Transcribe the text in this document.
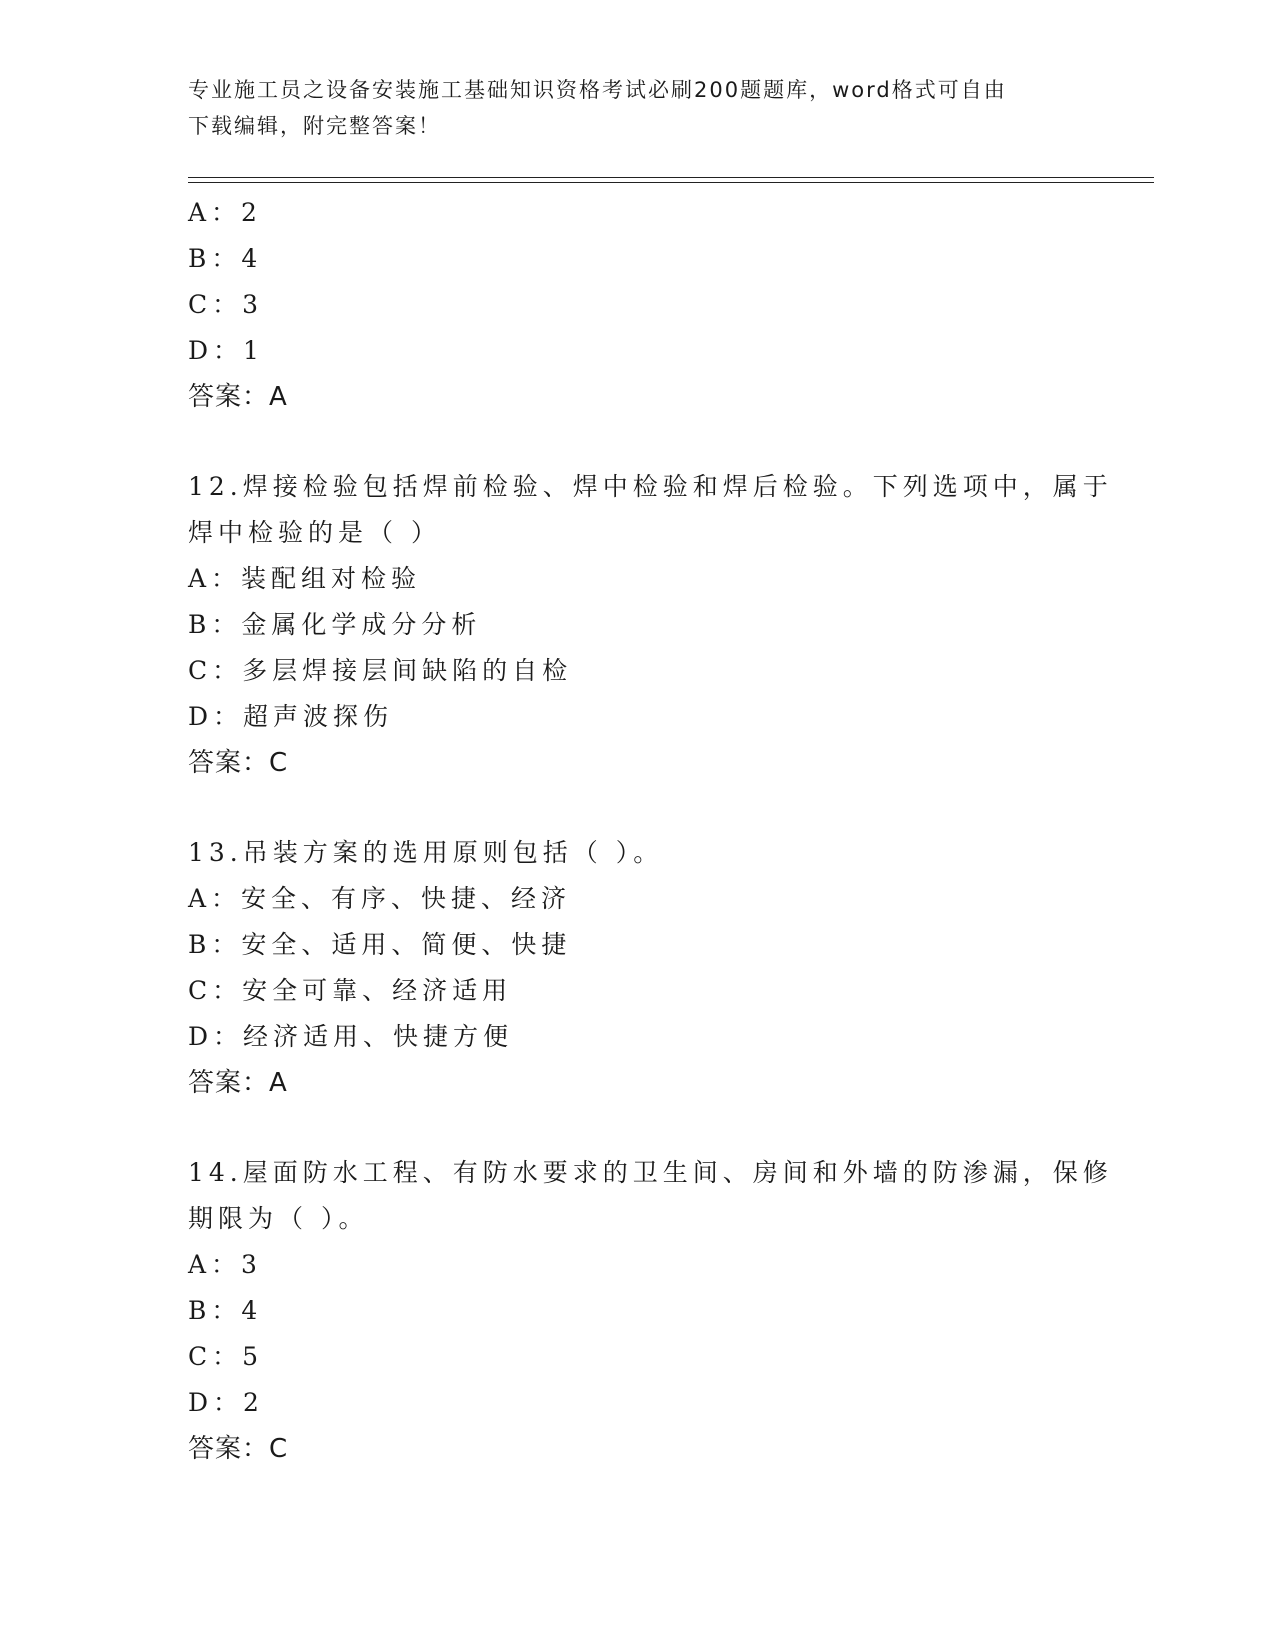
专业施工员之设备安装施工基础知识资格考试必刷200题题库，word格式可自由
下载编辑，附完整答案！
A：2
B：4
C：3
D：1
答案：A
12.焊接检验包括焊前检验、焊中检验和焊后检验。下列选项中，属于
焊中检验的是（ ）
A：装配组对检验
B：金属化学成分分析
C：多层焊接层间缺陷的自检
D：超声波探伤
答案：C
13.吊装方案的选用原则包括（ ）。
A：安全、有序、快捷、经济
B：安全、适用、简便、快捷
C：安全可靠、经济适用
D：经济适用、快捷方便
答案：A
14.屋面防水工程、有防水要求的卫生间、房间和外墙的防渗漏，保修
期限为（ ）。
A：3
B：4
C：5
D：2
答案：C
